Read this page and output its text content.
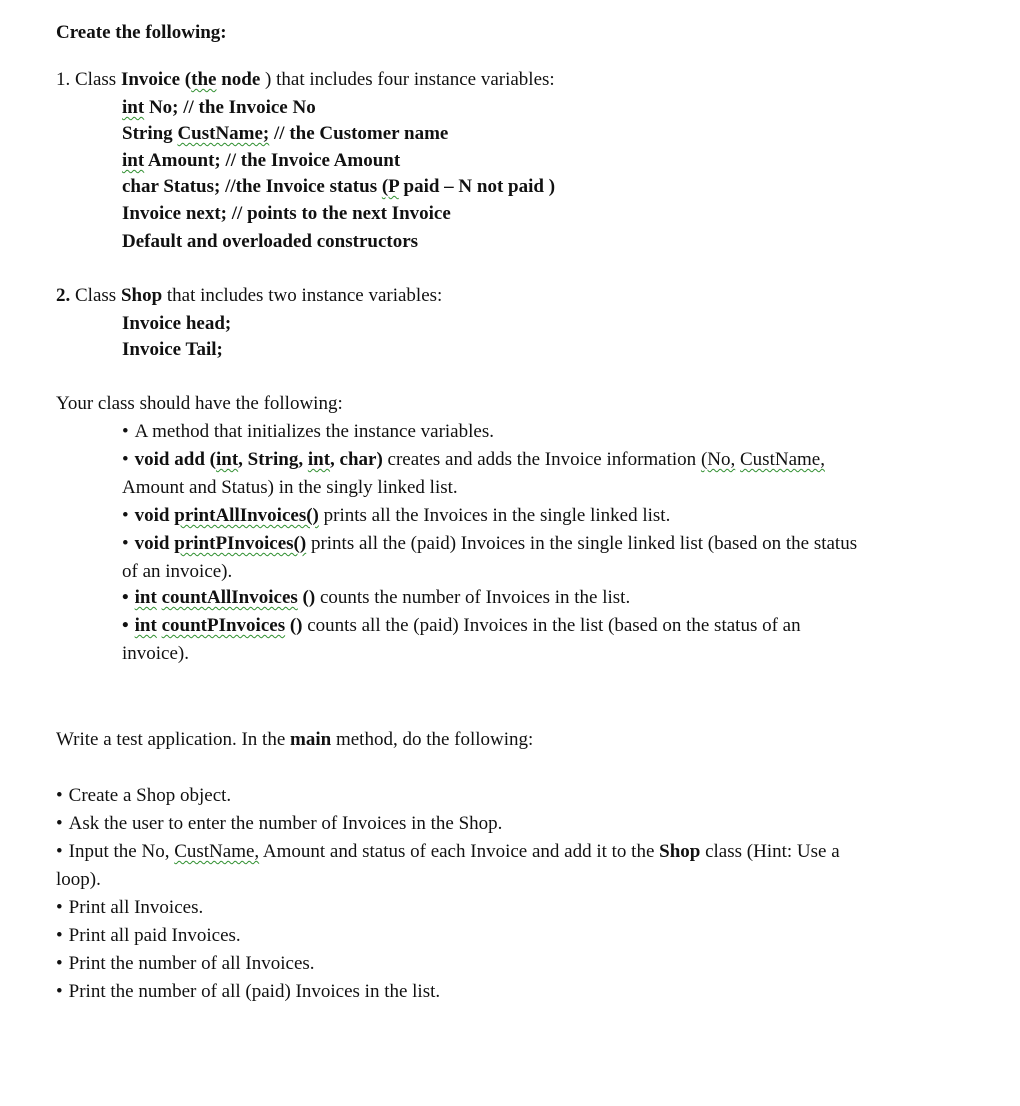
Create the following:
1. Class Invoice (the node ) that includes four instance variables:
int No; // the Invoice No
String CustName; // the Customer name
int Amount; // the Invoice Amount
char Status; //the Invoice status (P paid – N not paid )
Invoice next; // points to the next Invoice
Default and overloaded constructors
2. Class Shop that includes two instance variables:
Invoice head;
Invoice Tail;
Your class should have the following:
• A method that initializes the instance variables.
• void add (int, String, int, char) creates and adds the Invoice information (No, CustName,
Amount and Status) in the singly linked list.
• void printAllInvoices() prints all the Invoices in the single linked list.
• void printPInvoices() prints all the (paid) Invoices in the single linked list (based on the status
of an invoice).
• int countAllInvoices () counts the number of Invoices in the list.
• int countPInvoices () counts all the (paid) Invoices in the list (based on the status of an
invoice).
Write a test application. In the main method, do the following:
• Create a Shop object.
• Ask the user to enter the number of Invoices in the Shop.
• Input the No, CustName, Amount and status of each Invoice and add it to the Shop class (Hint: Use a
loop).
• Print all Invoices.
• Print all paid Invoices.
• Print the number of all Invoices.
• Print the number of all (paid) Invoices in the list.
